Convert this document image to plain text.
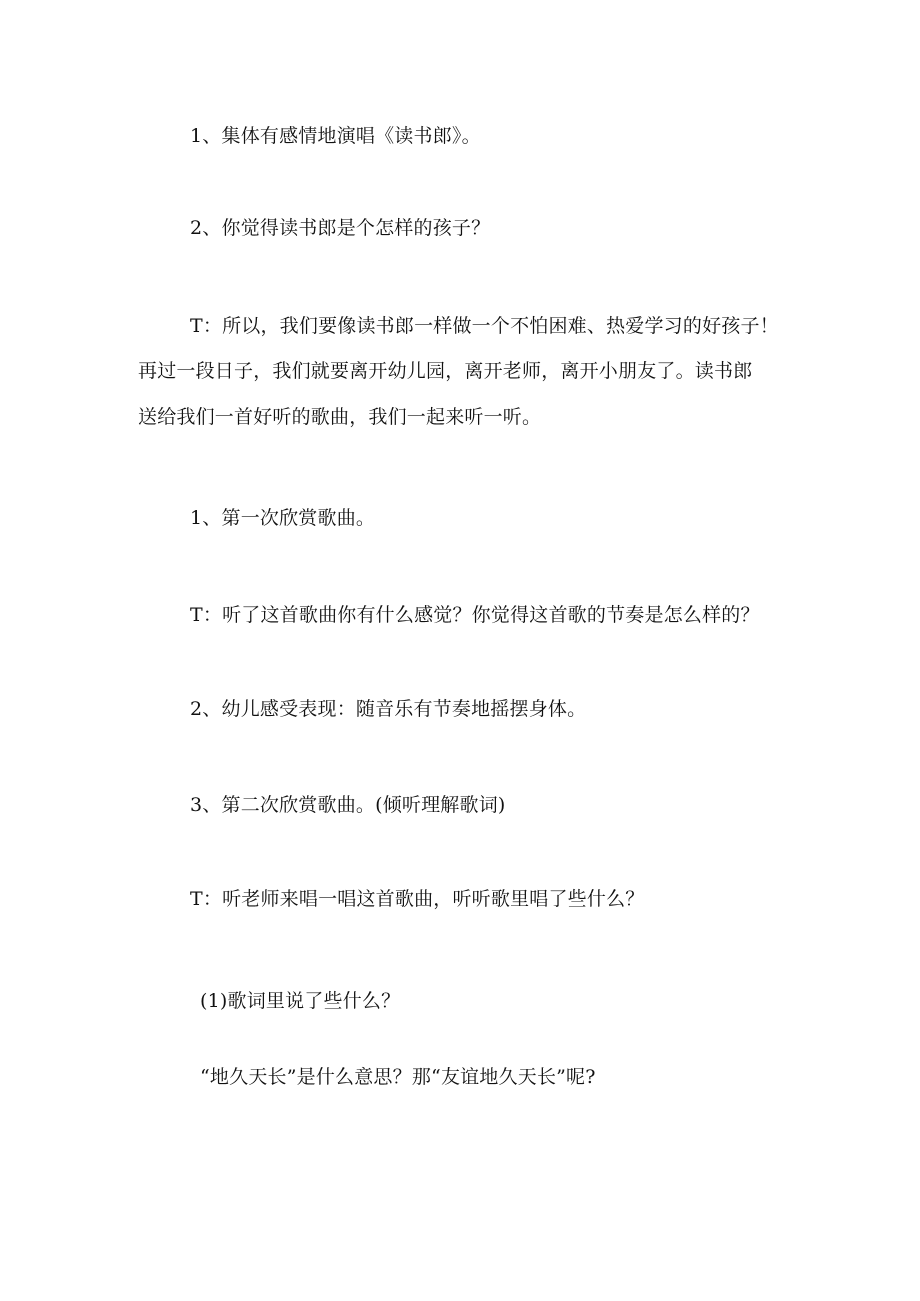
1、集体有感情地演唱《读书郎》。
2、你觉得读书郎是个怎样的孩子？
T：所以，我们要像读书郎一样做一个不怕困难、热爱学习的好孩子！
再过一段日子，我们就要离开幼儿园，离开老师，离开小朋友了。读书郎
送给我们一首好听的歌曲，我们一起来听一听。
1、第一次欣赏歌曲。
T：听了这首歌曲你有什么感觉？你觉得这首歌的节奏是怎么样的？
2、幼儿感受表现：随音乐有节奏地摇摆身体。
3、第二次欣赏歌曲。(倾听理解歌词)
T：听老师来唱一唱这首歌曲，听听歌里唱了些什么？
(1)歌词里说了些什么？
“地久天长”是什么意思？那“友谊地久天长”呢?
